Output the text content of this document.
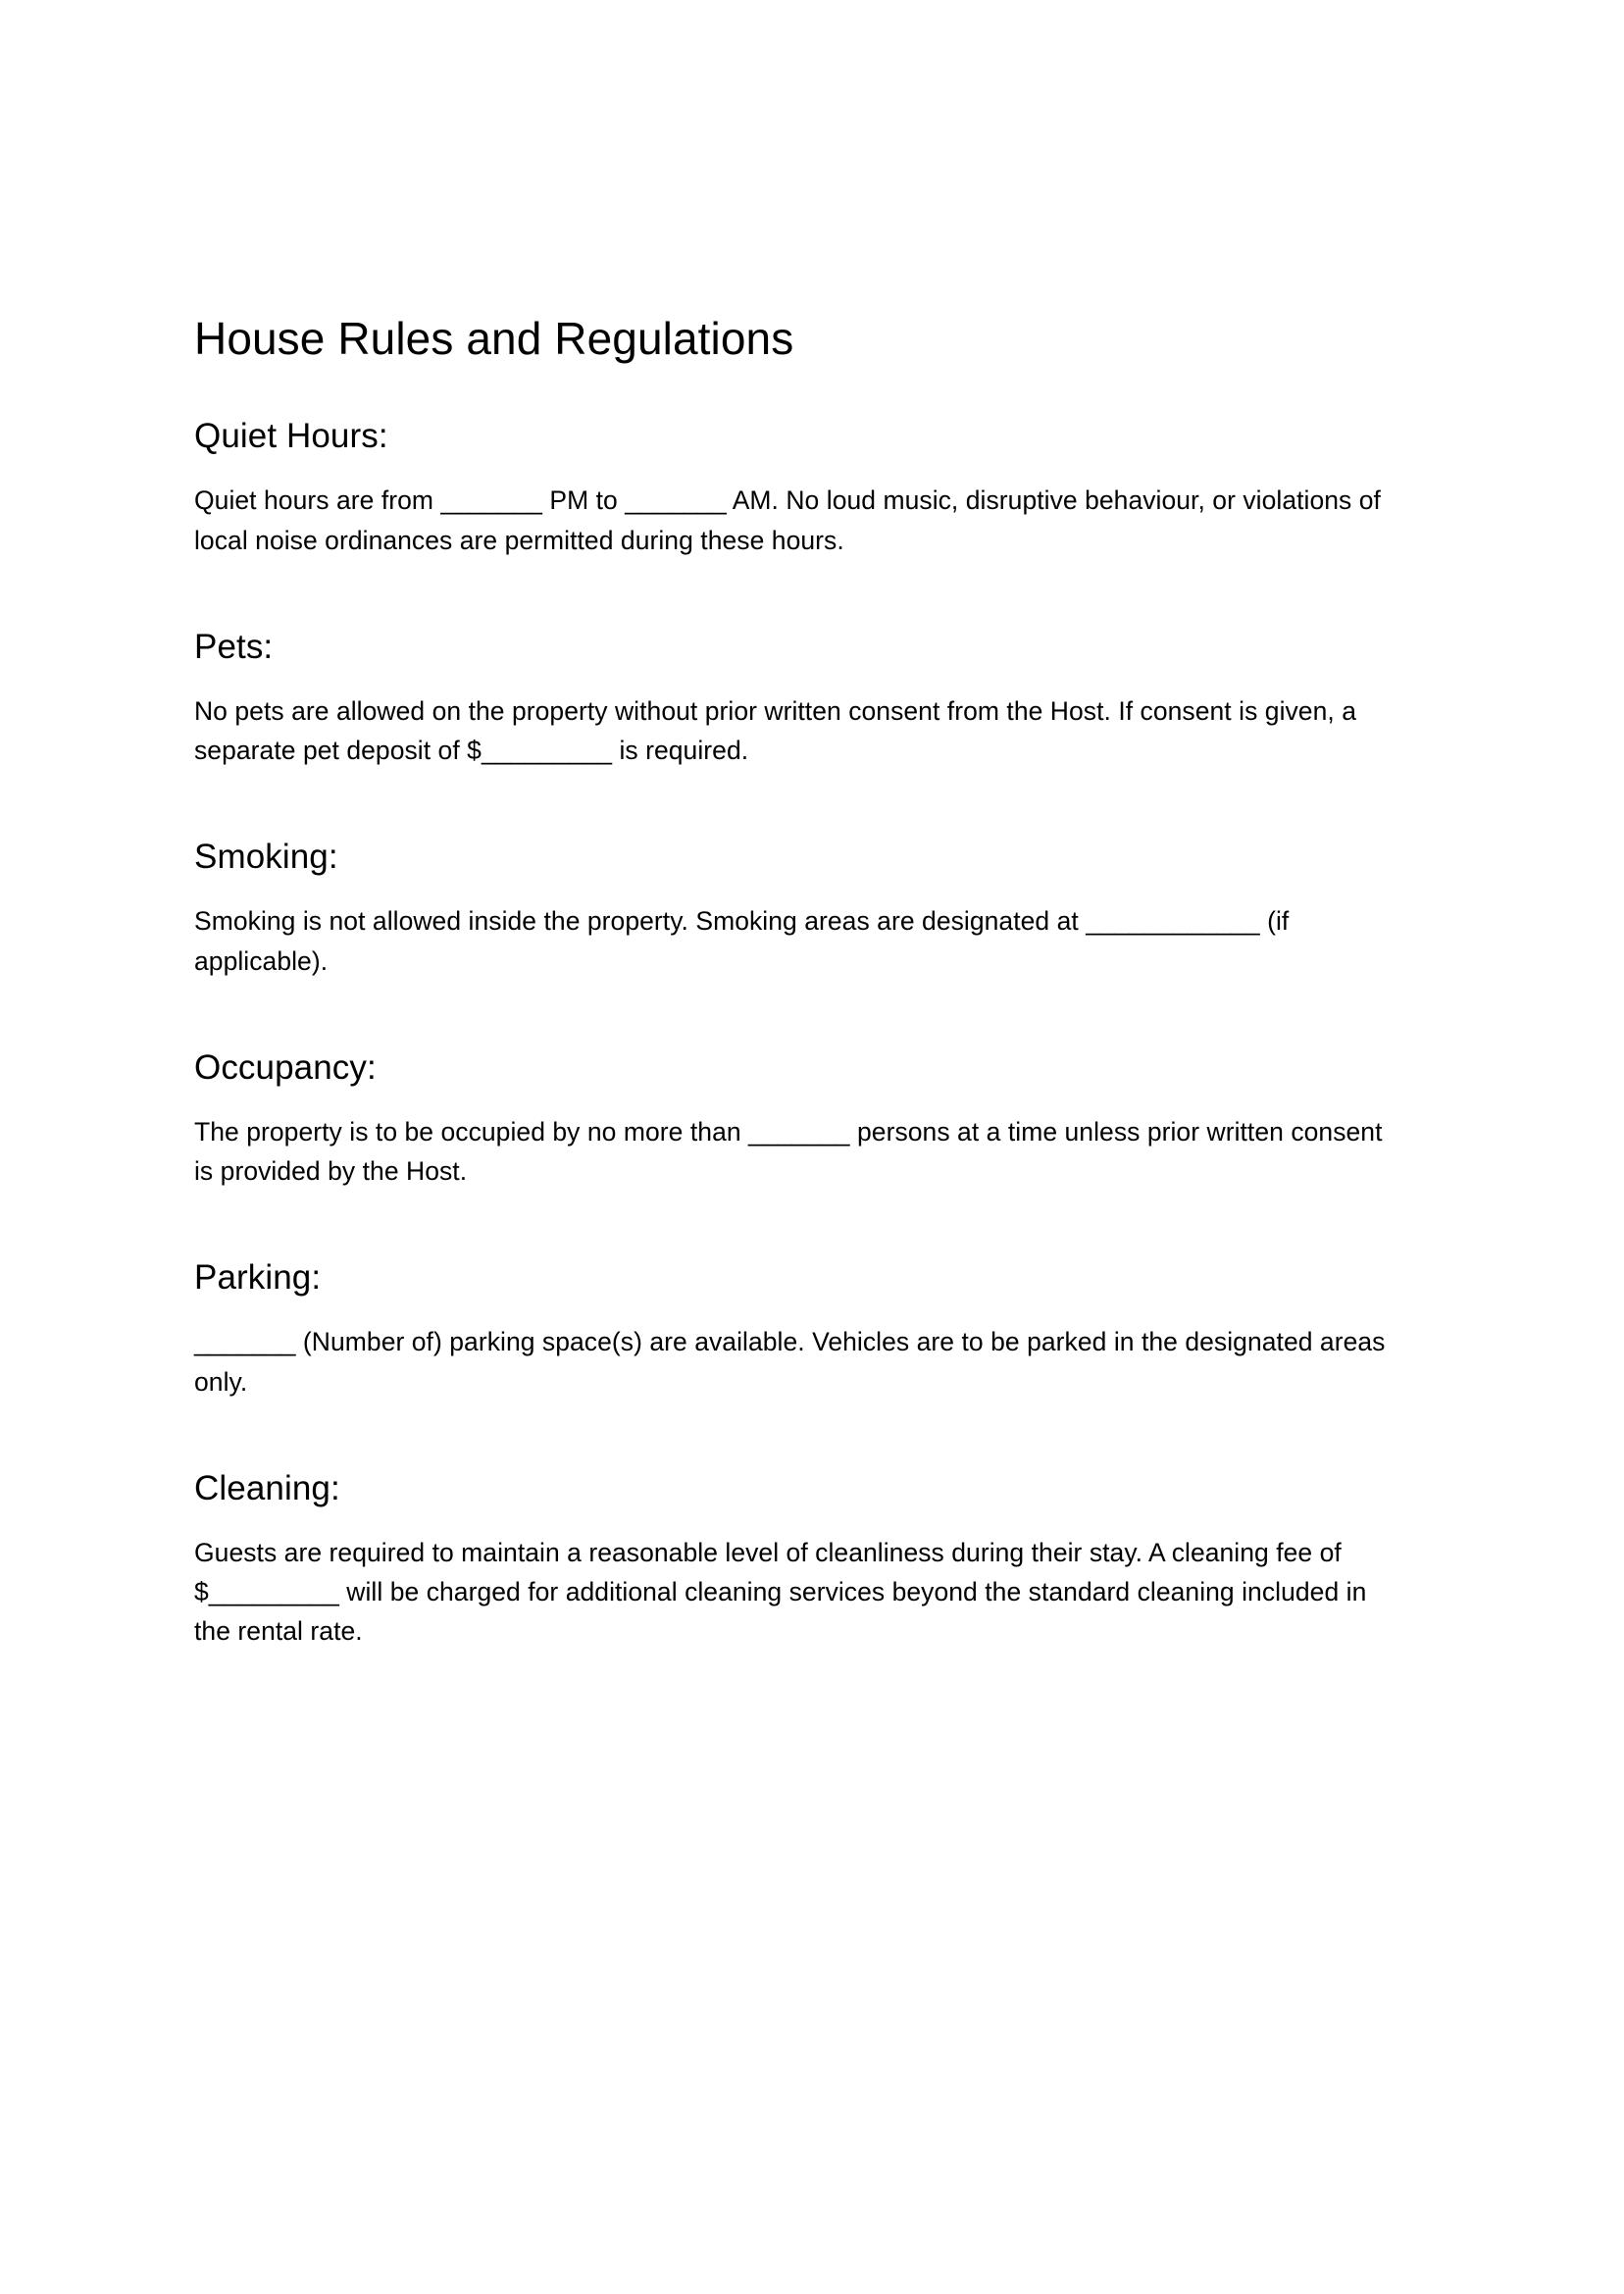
House Rules and Regulations
Quiet Hours:

Quiet hours are from _______ PM to _______ AM. No loud music, disruptive behaviour, or violations of local noise ordinances are permitted during these hours.

Pets:

No pets are allowed on the property without prior written consent from the Host. If consent is given, a separate pet deposit of $_________ is required.

Smoking:

Smoking is not allowed inside the property. Smoking areas are designated at ____________ (if applicable).

Occupancy:

The property is to be occupied by no more than _______ persons at a time unless prior written consent is provided by the Host.

Parking:

_______ (Number of) parking space(s) are available. Vehicles are to be parked in the designated areas only.

Cleaning:

Guests are required to maintain a reasonable level of cleanliness during their stay. A cleaning fee of $_________ will be charged for additional cleaning services beyond the standard cleaning included in the rental rate.
